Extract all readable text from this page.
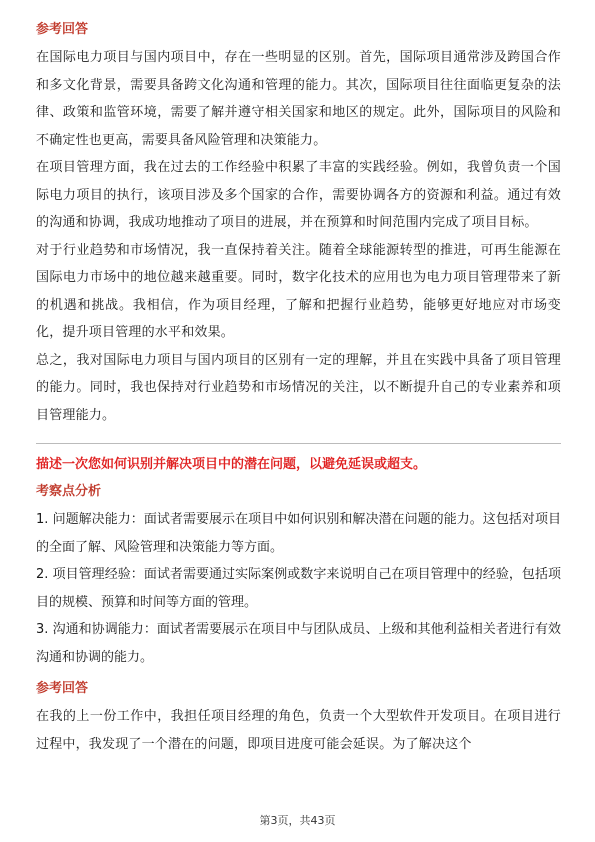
参考回答

在国际电力项目与国内项目中，存在一些明显的区别。首先，国际项目通常涉及跨国合作和多文化背景，需要具备跨文化沟通和管理的能力。其次，国际项目往往面临更复杂的法律、政策和监管环境，需要了解并遵守相关国家和地区的规定。此外，国际项目的风险和不确定性也更高，需要具备风险管理和决策能力。

在项目管理方面，我在过去的工作经验中积累了丰富的实践经验。例如，我曾负责一个国际电力项目的执行，该项目涉及多个国家的合作，需要协调各方的资源和利益。通过有效的沟通和协调，我成功地推动了项目的进展，并在预算和时间范围内完成了项目目标。

对于行业趋势和市场情况，我一直保持着关注。随着全球能源转型的推进，可再生能源在国际电力市场中的地位越来越重要。同时，数字化技术的应用也为电力项目管理带来了新的机遇和挑战。我相信，作为项目经理，了解和把握行业趋势，能够更好地应对市场变化，提升项目管理的水平和效果。

总之，我对国际电力项目与国内项目的区别有一定的理解，并且在实践中具备了项目管理的能力。同时，我也保持对行业趋势和市场情况的关注，以不断提升自己的专业素养和项目管理能力。

描述一次您如何识别并解决项目中的潜在问题，以避免延误或超支。
考察点分析

1. 问题解决能力：面试者需要展示在项目中如何识别和解决潜在问题的能力。这包括对项目的全面了解、风险管理和决策能力等方面。

2. 项目管理经验：面试者需要通过实际案例或数字来说明自己在项目管理中的经验，包括项目的规模、预算和时间等方面的管理。

3. 沟通和协调能力：面试者需要展示在项目中与团队成员、上级和其他利益相关者进行有效沟通和协调的能力。

参考回答

在我的上一份工作中，我担任项目经理的角色，负责一个大型软件开发项目。在项目进行过程中，我发现了一个潜在的问题，即项目进度可能会延误。为了解决这个

第3页，共43页
